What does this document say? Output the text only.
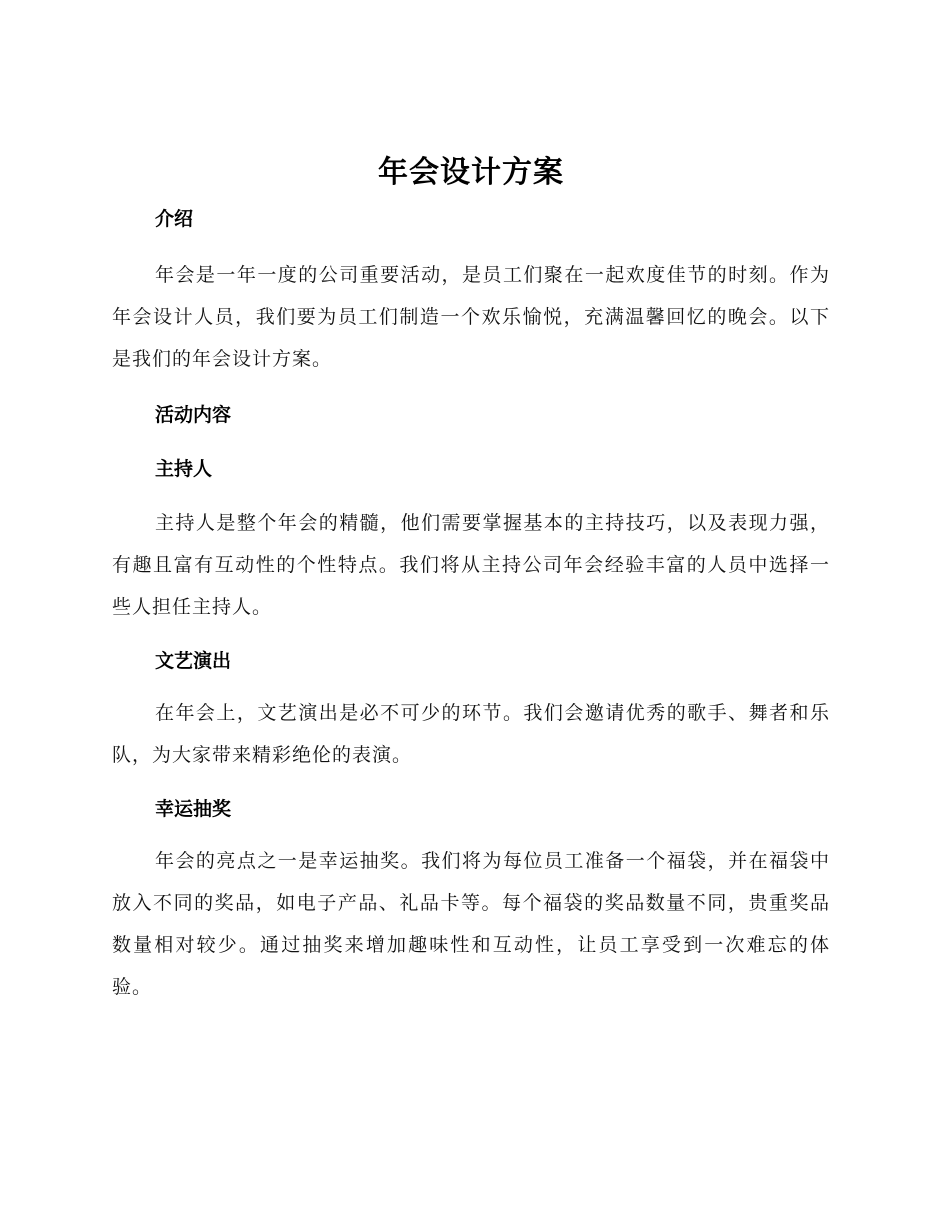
年会设计方案
介绍

年会是一年一度的公司重要活动，是员工们聚在一起欢度佳节的时刻。作为年会设计人员，我们要为员工们制造一个欢乐愉悦，充满温馨回忆的晚会。以下是我们的年会设计方案。

活动内容
主持人

主持人是整个年会的精髓，他们需要掌握基本的主持技巧，以及表现力强，有趣且富有互动性的个性特点。我们将从主持公司年会经验丰富的人员中选择一些人担任主持人。

文艺演出

在年会上，文艺演出是必不可少的环节。我们会邀请优秀的歌手、舞者和乐队，为大家带来精彩绝伦的表演。

幸运抽奖

年会的亮点之一是幸运抽奖。我们将为每位员工准备一个福袋，并在福袋中放入不同的奖品，如电子产品、礼品卡等。每个福袋的奖品数量不同，贵重奖品数量相对较少。通过抽奖来增加趣味性和互动性，让员工享受到一次难忘的体验。
